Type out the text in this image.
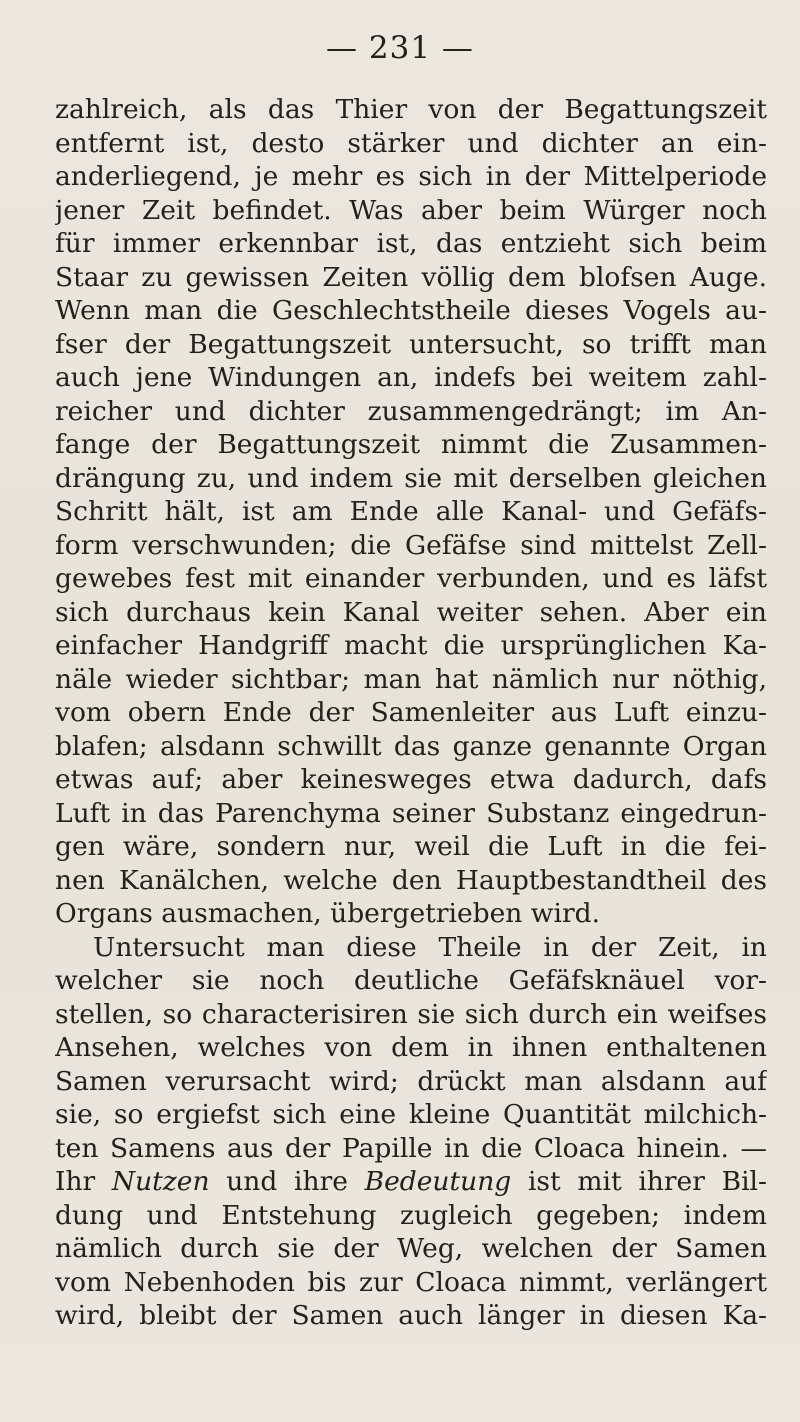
— 231 —
zahlreich, als das Thier von der Begattungszeit
entfernt ist, desto stärker und dichter an ein-
anderliegend, je mehr es sich in der Mittelperiode
jener Zeit befindet. Was aber beim Würger noch
für immer erkennbar ist, das entzieht sich beim
Staar zu gewissen Zeiten völlig dem blofsen Auge.
Wenn man die Geschlechtstheile dieses Vogels au-
fser der Begattungszeit untersucht, so trifft man
auch jene Windungen an, indefs bei weitem zahl-
reicher und dichter zusammengedrängt; im An-
fange der Begattungszeit nimmt die Zusammen-
drängung zu, und indem sie mit derselben gleichen
Schritt hält, ist am Ende alle Kanal- und Gefäfs-
form verschwunden; die Gefäfse sind mittelst Zell-
gewebes fest mit einander verbunden, und es läfst
sich durchaus kein Kanal weiter sehen. Aber ein
einfacher Handgriff macht die ursprünglichen Ka-
näle wieder sichtbar; man hat nämlich nur nöthig,
vom obern Ende der Samenleiter aus Luft einzu-
blafen; alsdann schwillt das ganze genannte Organ
etwas auf; aber keinesweges etwa dadurch, dafs
Luft in das Parenchyma seiner Substanz eingedrun-
gen wäre, sondern nur, weil die Luft in die fei-
nen Kanälchen, welche den Hauptbestandtheil des
Organs ausmachen, übergetrieben wird.
Untersucht man diese Theile in der Zeit, in
welcher sie noch deutliche Gefäfsknäuel vor-
stellen, so characterisiren sie sich durch ein weifses
Ansehen, welches von dem in ihnen enthaltenen
Samen verursacht wird; drückt man alsdann auf
sie, so ergiefst sich eine kleine Quantität milchich-
ten Samens aus der Papille in die Cloaca hinein. —
Ihr Nutzen und ihre Bedeutung ist mit ihrer Bil-
dung und Entstehung zugleich gegeben; indem
nämlich durch sie der Weg, welchen der Samen
vom Nebenhoden bis zur Cloaca nimmt, verlängert
wird, bleibt der Samen auch länger in diesen Ka-
